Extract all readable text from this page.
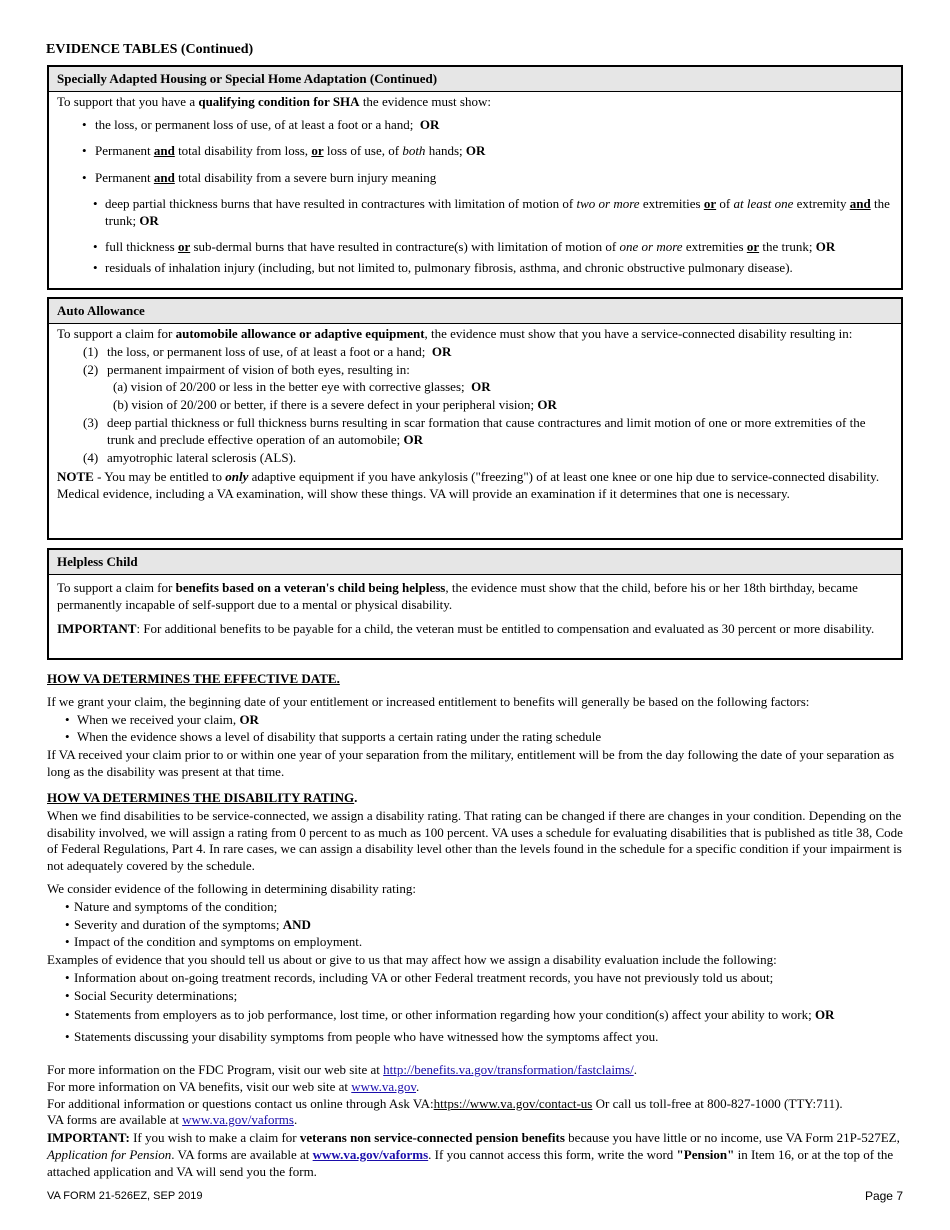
EVIDENCE TABLES (Continued)
Specially Adapted Housing or Special Home Adaptation (Continued)

To support that you have a qualifying condition for SHA the evidence must show:

• the loss, or permanent loss of use, of at least a foot or a hand; OR

• Permanent and total disability from loss, or loss of use, of both hands; OR

• Permanent and total disability from a severe burn injury meaning

• deep partial thickness burns that have resulted in contractures with limitation of motion of two or more extremities or of at least one extremity and the trunk; OR

• full thickness or sub-dermal burns that have resulted in contracture(s) with limitation of motion of one or more extremities or the trunk; OR

• residuals of inhalation injury (including, but not limited to, pulmonary fibrosis, asthma, and chronic obstructive pulmonary disease).

Auto Allowance

To support a claim for automobile allowance or adaptive equipment, the evidence must show that you have a service-connected disability resulting in:

(1) the loss, or permanent loss of use, of at least a foot or a hand; OR

(2) permanent impairment of vision of both eyes, resulting in:

(a) vision of 20/200 or less in the better eye with corrective glasses; OR

(b) vision of 20/200 or better, if there is a severe defect in your peripheral vision; OR

(3) deep partial thickness or full thickness burns resulting in scar formation that cause contractures and limit motion of one or more extremities of the trunk and preclude effective operation of an automobile; OR

(4) amyotrophic lateral sclerosis (ALS).

NOTE - You may be entitled to only adaptive equipment if you have ankylosis ("freezing") of at least one knee or one hip due to service-connected disability. Medical evidence, including a VA examination, will show these things. VA will provide an examination if it determines that one is necessary.

Helpless Child

To support a claim for benefits based on a veteran's child being helpless, the evidence must show that the child, before his or her 18th birthday, became permanently incapable of self-support due to a mental or physical disability.

IMPORTANT: For additional benefits to be payable for a child, the veteran must be entitled to compensation and evaluated as 30 percent or more disability.

HOW VA DETERMINES THE EFFECTIVE DATE.

If we grant your claim, the beginning date of your entitlement or increased entitlement to benefits will generally be based on the following factors:

• When we received your claim, OR

• When the evidence shows a level of disability that supports a certain rating under the rating schedule

If VA received your claim prior to or within one year of your separation from the military, entitlement will be from the day following the date of your separation as long as the disability was present at that time.

HOW VA DETERMINES THE DISABILITY RATING.

When we find disabilities to be service-connected, we assign a disability rating. That rating can be changed if there are changes in your condition. Depending on the disability involved, we will assign a rating from 0 percent to as much as 100 percent. VA uses a schedule for evaluating disabilities that is published as title 38, Code of Federal Regulations, Part 4. In rare cases, we can assign a disability level other than the levels found in the schedule for a specific condition if your impairment is not adequately covered by the schedule.

We consider evidence of the following in determining disability rating:

• Nature and symptoms of the condition;

• Severity and duration of the symptoms; AND

• Impact of the condition and symptoms on employment.

Examples of evidence that you should tell us about or give to us that may affect how we assign a disability evaluation include the following:

• Information about on-going treatment records, including VA or other Federal treatment records, you have not previously told us about;

• Social Security determinations;

• Statements from employers as to job performance, lost time, or other information regarding how your condition(s) affect your ability to work; OR

• Statements discussing your disability symptoms from people who have witnessed how the symptoms affect you.

For more information on the FDC Program, visit our web site at http://benefits.va.gov/transformation/fastclaims/.

For more information on VA benefits, visit our web site at www.va.gov.

For additional information or questions contact us online through Ask VA:https://www.va.gov/contact-us Or call us toll-free at 800-827-1000 (TTY:711).

VA forms are available at www.va.gov/vaforms.

IMPORTANT: If you wish to make a claim for veterans non service-connected pension benefits because you have little or no income, use VA Form 21P-527EZ, Application for Pension. VA forms are available at www.va.gov/vaforms. If you cannot access this form, write the word "Pension" in Item 16, or at the top of the attached application and VA will send you the form.

VA FORM 21-526EZ, SEP 2019	Page 7
